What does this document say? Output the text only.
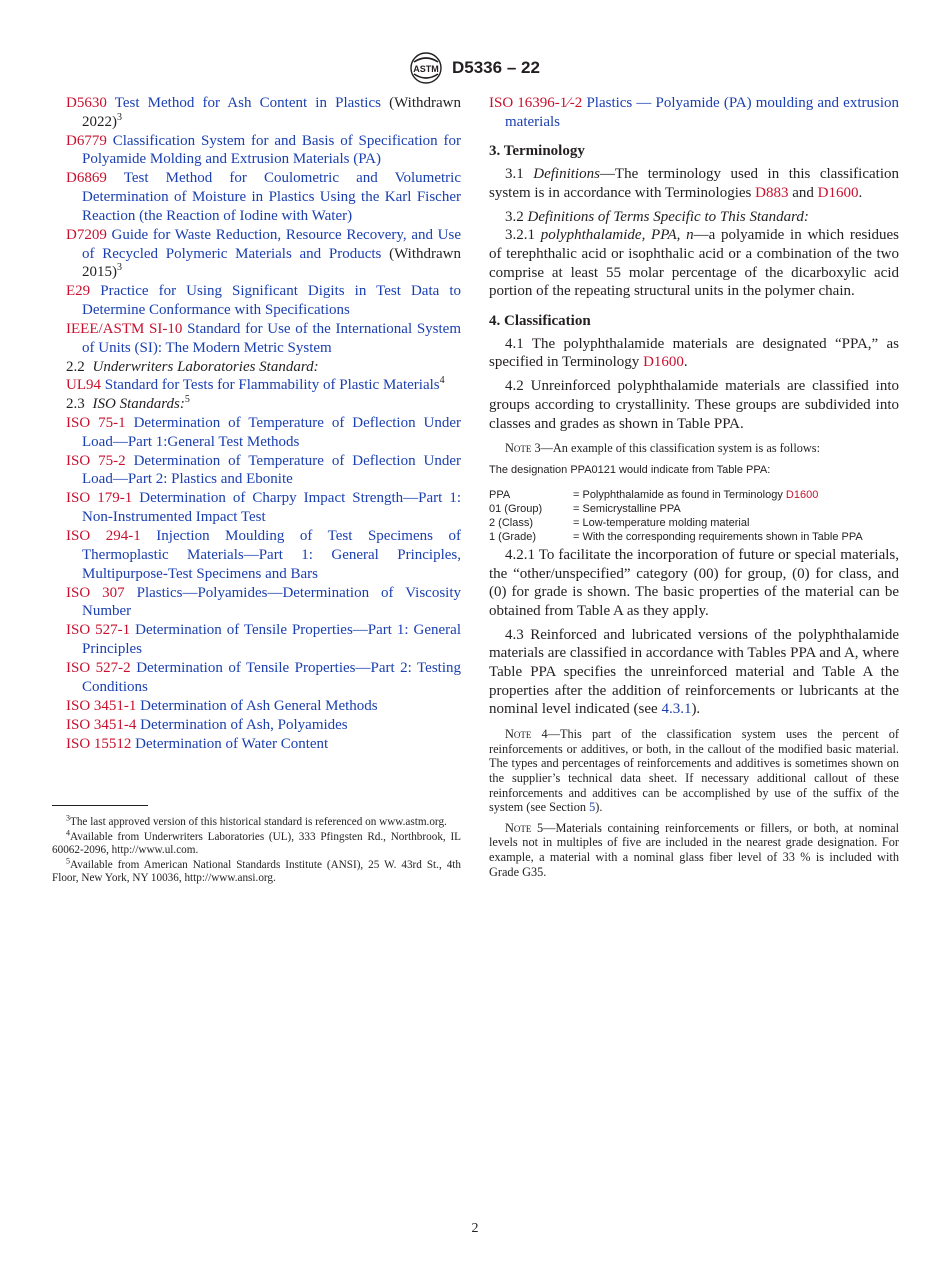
ASTM D5336 – 22

D5630 Test Method for Ash Content in Plastics (Withdrawn 2022)$^3$

D6779 Classification System for and Basis of Specification for Polyamide Molding and Extrusion Materials (PA)

D6869 Test Method for Coulometric and Volumetric Determination of Moisture in Plastics Using the Karl Fischer Reaction (the Reaction of Iodine with Water)

D7209 Guide for Waste Reduction, Resource Recovery, and Use of Recycled Polymeric Materials and Products (Withdrawn 2015)$^3$

E29 Practice for Using Significant Digits in Test Data to Determine Conformance with Specifications

IEEE/ASTM SI-10 Standard for Use of the International System of Units (SI): The Modern Metric System

2.2 Underwriters Laboratories Standard:

UL94 Standard for Tests for Flammability of Plastic Materials$^4$

2.3 ISO Standards:$^5$

ISO 75-1 Determination of Temperature of Deflection Under Load—Part 1:General Test Methods

ISO 75-2 Determination of Temperature of Deflection Under Load—Part 2: Plastics and Ebonite

ISO 179-1 Determination of Charpy Impact Strength—Part 1: Non-Instrumented Impact Test

ISO 294-1 Injection Moulding of Test Specimens of Thermoplastic Materials—Part 1: General Principles, Multipurpose-Test Specimens and Bars

ISO 307 Plastics—Polyamides—Determination of Viscosity Number

ISO 527-1 Determination of Tensile Properties—Part 1: General Principles

ISO 527-2 Determination of Tensile Properties—Part 2: Testing Conditions

ISO 3451-1 Determination of Ash General Methods

ISO 3451-4 Determination of Ash, Polyamides

ISO 15512 Determination of Water Content

$^3$The last approved version of this historical standard is referenced on www.astm.org.

$^4$Available from Underwriters Laboratories (UL), 333 Pfingsten Rd., Northbrook, IL 60062-2096, http://www.ul.com.

$^5$Available from American National Standards Institute (ANSI), 25 W. 43rd St., 4th Floor, New York, NY 10036, http://www.ansi.org.

ISO 16396-1⁄-2 Plastics — Polyamide (PA) moulding and extrusion materials

3. Terminology

3.1 Definitions—The terminology used in this classification system is in accordance with Terminologies D883 and D1600.

3.2 Definitions of Terms Specific to This Standard:

3.2.1 polyphthalamide, PPA, n—a polyamide in which residues of terephthalic acid or isophthalic acid or a combination of the two comprise at least 55 molar percentage of the dicarboxylic acid portion of the repeating structural units in the polymer chain.

4. Classification

4.1 The polyphthalamide materials are designated “PPA,” as specified in Terminology D1600.

4.2 Unreinforced polyphthalamide materials are classified into groups according to crystallinity. These groups are subdivided into classes and grades as shown in Table PPA.

Note 3—An example of this classification system is as follows:

The designation PPA0121 would indicate from Table PPA:
PPA	= Polyphthalamide as found in Terminology D1600
01 (Group)	= Semicrystalline PPA
2 (Class)	= Low-temperature molding material
1 (Grade)	= With the corresponding requirements shown in Table PPA

4.2.1 To facilitate the incorporation of future or special materials, the “other/unspecified” category (00) for group, (0) for class, and (0) for grade is shown. The basic properties of the material can be obtained from Table A as they apply.

4.3 Reinforced and lubricated versions of the polyphthalamide materials are classified in accordance with Tables PPA and A, where Table PPA specifies the unreinforced material and Table A the properties after the addition of reinforcements or lubricants at the nominal level indicated (see 4.3.1).

Note 4—This part of the classification system uses the percent of reinforcements or additives, or both, in the callout of the modified basic material. The types and percentages of reinforcements and additives is sometimes shown on the supplier’s technical data sheet. If necessary additional callout of these reinforcements and additives can be accomplished by use of the suffix of the system (see Section 5).

Note 5—Materials containing reinforcements or fillers, or both, at nominal levels not in multiples of five are included in the nearest grade designation. For example, a material with a nominal glass fiber level of 33 % is included with Grade G35.

2
